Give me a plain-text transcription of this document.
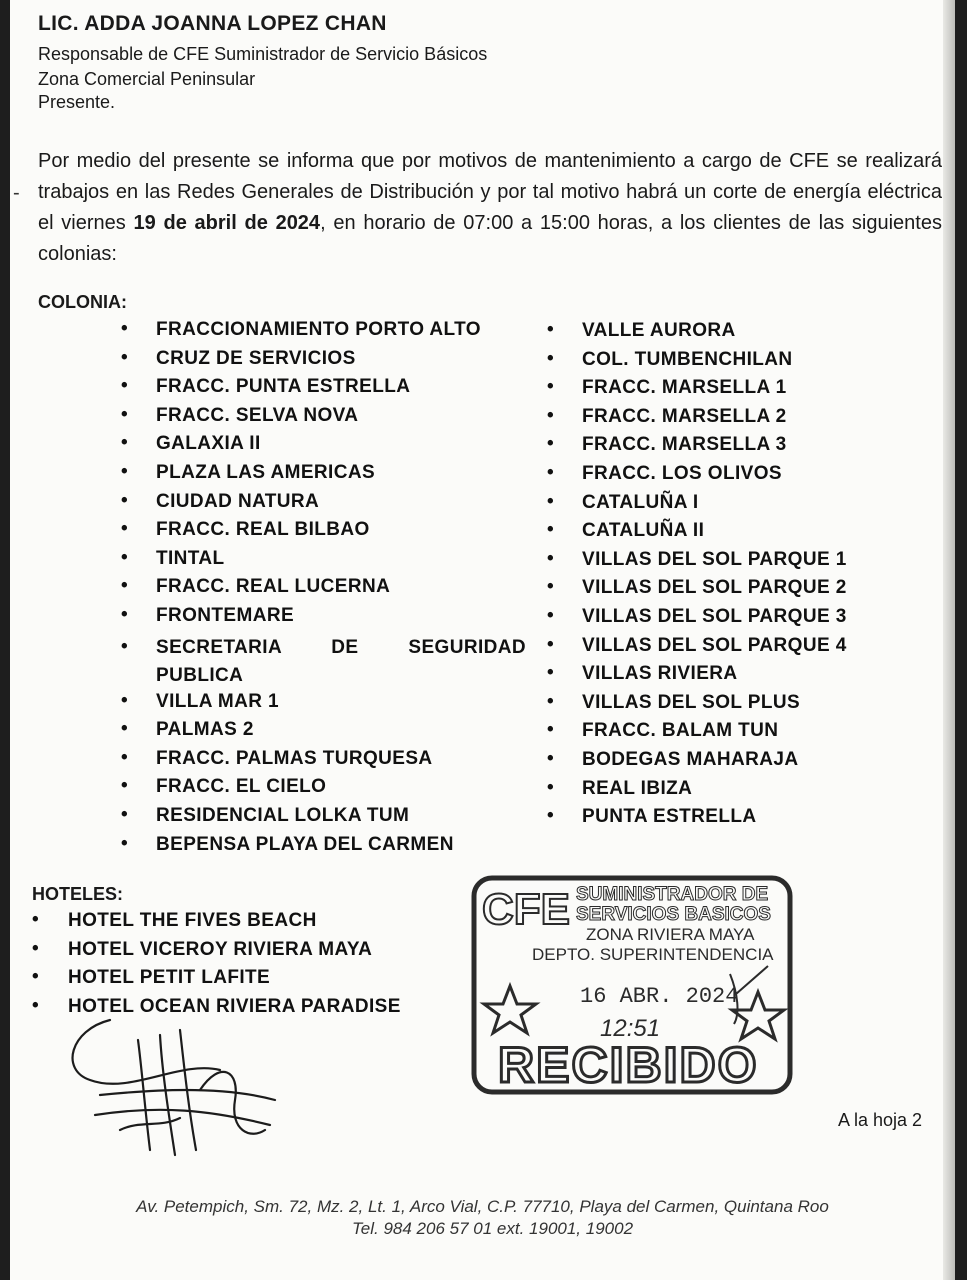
-
LIC. ADDA JOANNA LOPEZ CHAN
Responsable de CFE Suministrador de Servicio Básicos
Zona Comercial Peninsular
Presente.
Por medio del presente se informa que por motivos de mantenimiento a cargo de CFE se realizará trabajos en las Redes Generales de Distribución y por tal motivo habrá un corte de energía eléctrica el viernes 19 de abril de 2024, en horario de 07:00 a 15:00 horas, a los clientes de las siguientes colonias:
COLONIA:
• FRACCIONAMIENTO PORTO ALTO
• CRUZ DE SERVICIOS
• FRACC. PUNTA ESTRELLA
• FRACC. SELVA NOVA
• GALAXIA II
• PLAZA LAS AMERICAS
• CIUDAD NATURA
• FRACC. REAL BILBAO
• TINTAL
• FRACC. REAL LUCERNA
• FRONTEMARE
• SECRETARIA DE SEGURIDAD PUBLICA
• VILLA MAR 1
• PALMAS 2
• FRACC. PALMAS TURQUESA
• FRACC. EL CIELO
• RESIDENCIAL LOLKA TUM
• BEPENSA PLAYA DEL CARMEN
• VALLE AURORA
• COL. TUMBENCHILAN
• FRACC. MARSELLA 1
• FRACC. MARSELLA 2
• FRACC. MARSELLA 3
• FRACC. LOS OLIVOS
• CATALUÑA I
• CATALUÑA II
• VILLAS DEL SOL PARQUE 1
• VILLAS DEL SOL PARQUE 2
• VILLAS DEL SOL PARQUE 3
• VILLAS DEL SOL PARQUE 4
• VILLAS RIVIERA
• VILLAS DEL SOL PLUS
• FRACC. BALAM TUN
• BODEGAS MAHARAJA
• REAL IBIZA
• PUNTA ESTRELLA
HOTELES:
• HOTEL THE FIVES BEACH
• HOTEL VICEROY RIVIERA MAYA
• HOTEL PETIT LAFITE
• HOTEL OCEAN RIVIERA PARADISE
CFE SUMINISTRADOR DE
SERVICIOS BASICOS
ZONA RIVIERA MAYA
DEPTO. SUPERINTENDENCIA
16 ABR. 2024
12:51
RECIBIDO
A la hoja 2
Av. Petempich, Sm. 72, Mz. 2, Lt. 1, Arco Vial, C.P. 77710, Playa del Carmen, Quintana Roo
Tel. 984 206 57 01 ext. 19001, 19002
